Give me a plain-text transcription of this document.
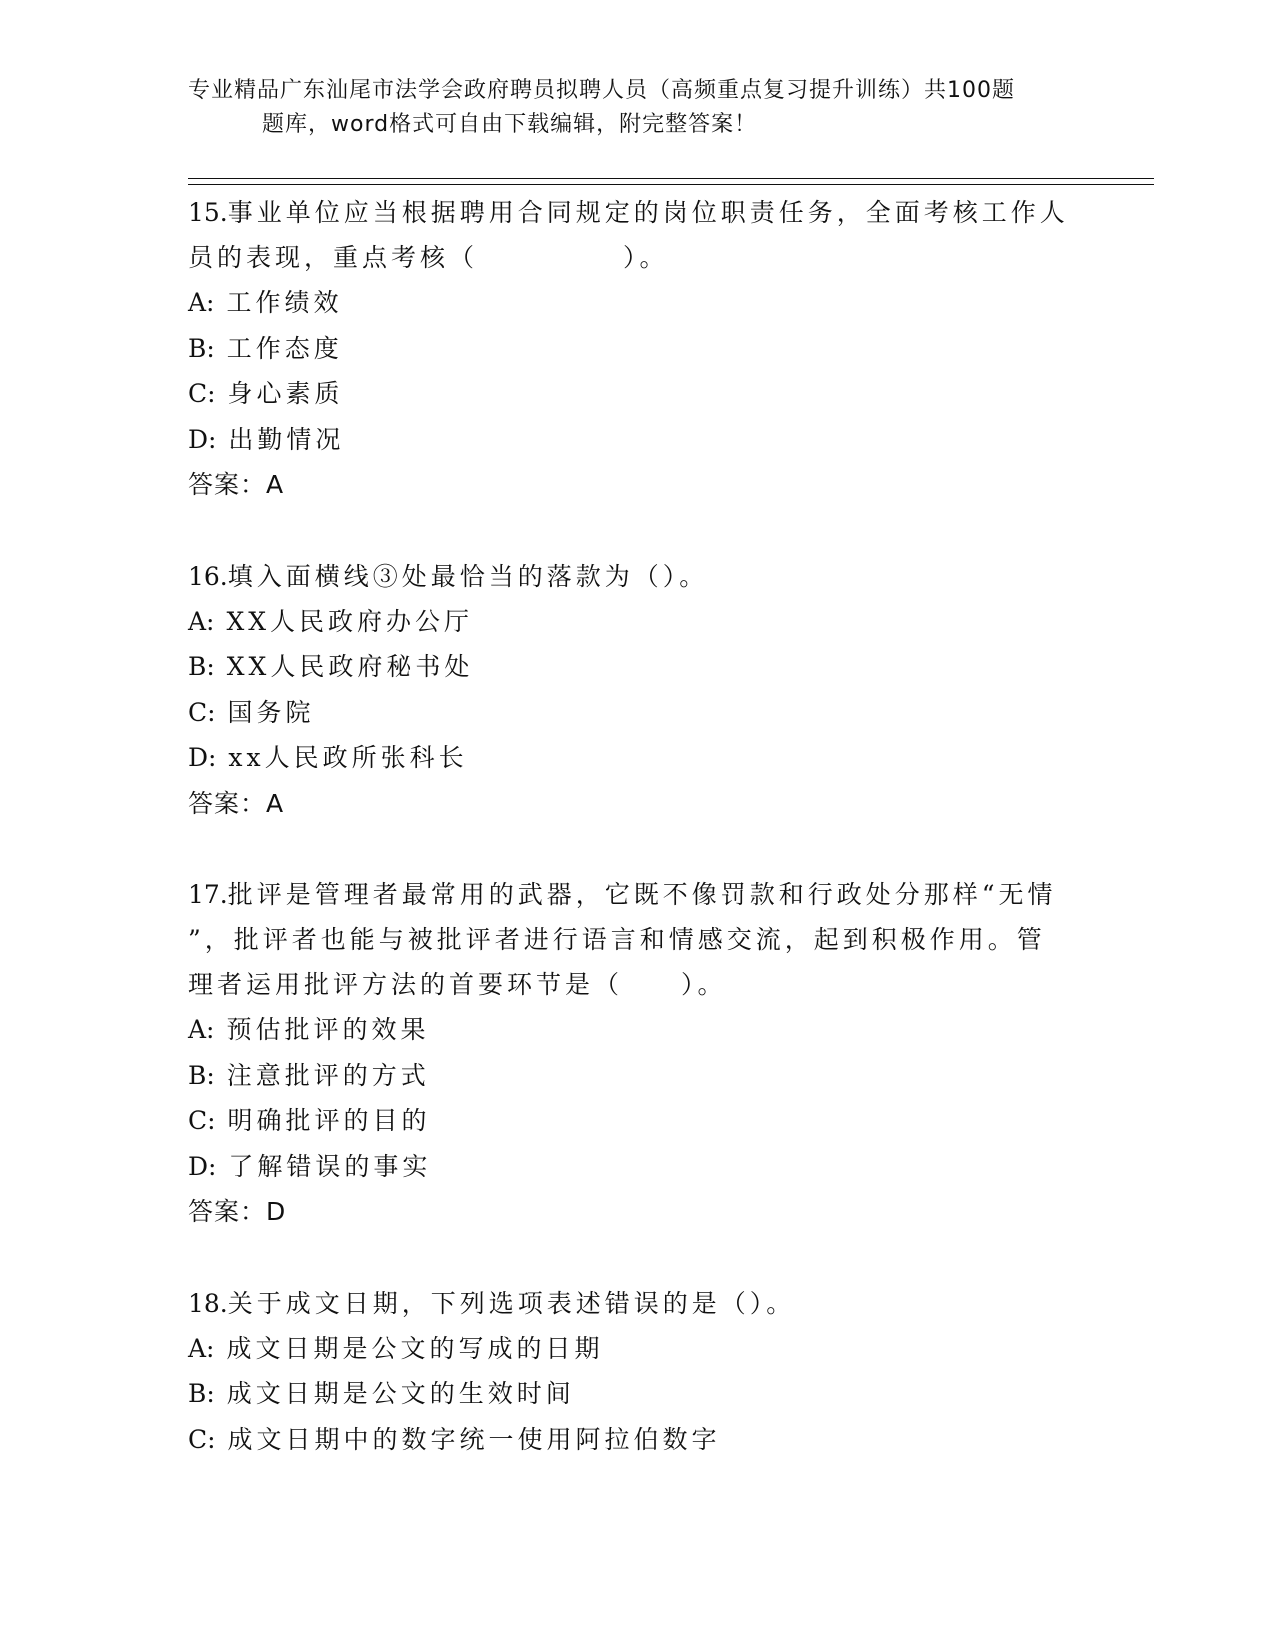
专业精品广东汕尾市法学会政府聘员拟聘人员（高频重点复习提升训练）共100题
题库，word格式可自由下载编辑，附完整答案！

15.事业单位应当根据聘用合同规定的岗位职责任务，全面考核工作人

员的表现，重点考核（　　　　　）。

A: 工作绩效

B: 工作态度

C: 身心素质

D: 出勤情况

答案：A

16.填入面横线③处最恰当的落款为（）。

A: XX人民政府办公厅

B: XX人民政府秘书处

C: 国务院

D: xx人民政所张科长

答案：A

17.批评是管理者最常用的武器，它既不像罚款和行政处分那样“无情

”，批评者也能与被批评者进行语言和情感交流，起到积极作用。管

理者运用批评方法的首要环节是（　　）。

A: 预估批评的效果

B: 注意批评的方式

C: 明确批评的目的

D: 了解错误的事实

答案：D

18.关于成文日期，下列选项表述错误的是（）。

A: 成文日期是公文的写成的日期

B: 成文日期是公文的生效时间

C: 成文日期中的数字统一使用阿拉伯数字
